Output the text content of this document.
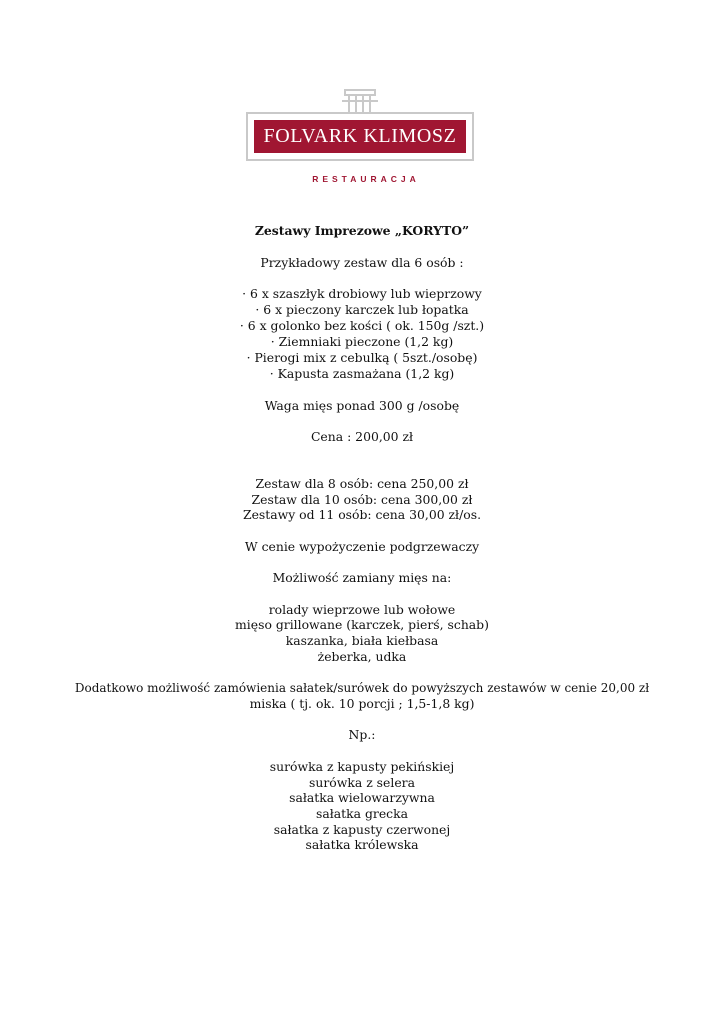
FOLVARK KLIMOSZ
RESTAURACJA
Zestawy Imprezowe „KORYTO”
Przykładowy zestaw dla 6 osób :
· 6 x szaszłyk drobiowy lub wieprzowy
· 6 x pieczony karczek lub łopatka
· 6 x golonko bez kości ( ok. 150g /szt.)
· Ziemniaki pieczone (1,2 kg)
· Pierogi mix z cebulką ( 5szt./osobę)
· Kapusta zasmażana (1,2 kg)
Waga mięs ponad 300 g /osobę
Cena : 200,00 zł
Zestaw dla 8 osób: cena 250,00 zł
Zestaw dla 10 osób: cena 300,00 zł
Zestawy od 11 osób: cena 30,00 zł/os.
W cenie wypożyczenie podgrzewaczy
Możliwość zamiany mięs na:
rolady wieprzowe lub wołowe
mięso grillowane (karczek, pierś, schab)
kaszanka, biała kiełbasa
żeberka, udka
Dodatkowo możliwość zamówienia sałatek/surówek do powyższych zestawów w cenie 20,00 zł
miska ( tj. ok. 10 porcji ; 1,5-1,8 kg)
Np.:
surówka z kapusty pekińskiej
surówka z selera
sałatka wielowarzywna
sałatka grecka
sałatka z kapusty czerwonej
sałatka królewska
